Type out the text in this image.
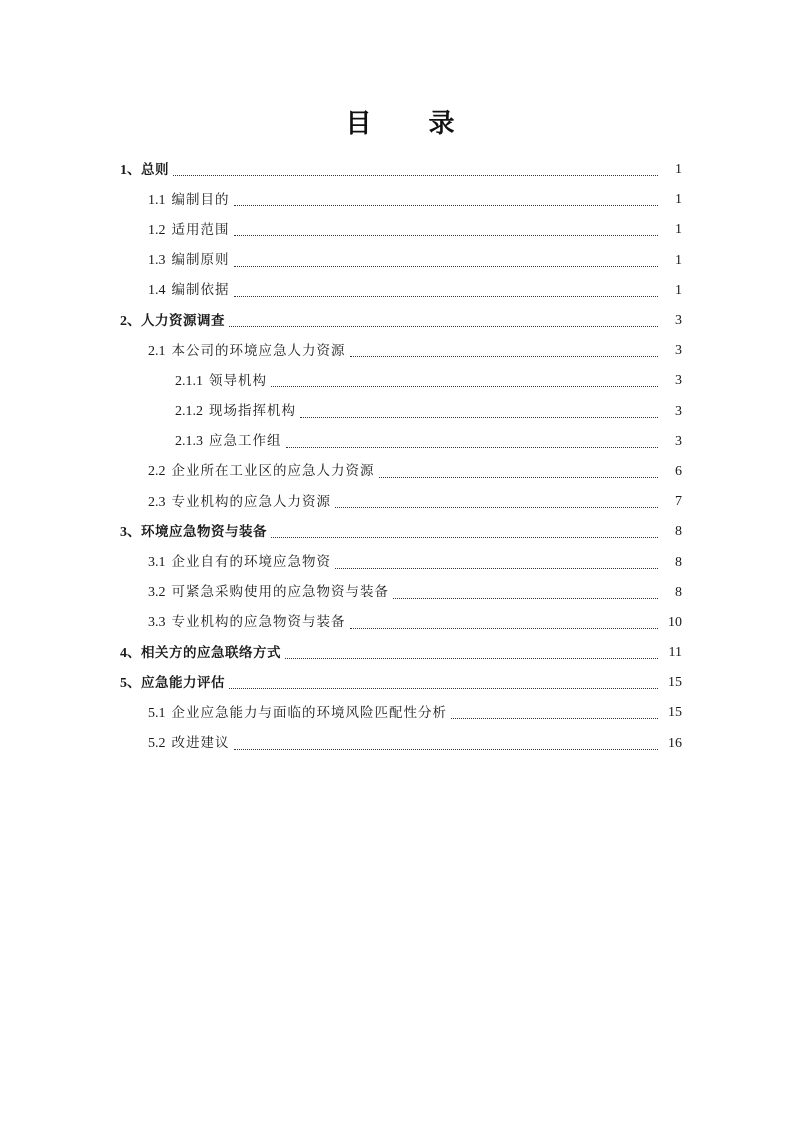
目 录
1、总则	1
1.1 编制目的	1
1.2 适用范围	1
1.3 编制原则	1
1.4 编制依据	1
2、人力资源调查	3
2.1 本公司的环境应急人力资源	3
2.1.1 领导机构	3
2.1.2 现场指挥机构	3
2.1.3 应急工作组	3
2.2 企业所在工业区的应急人力资源	6
2.3 专业机构的应急人力资源	7
3、环境应急物资与装备	8
3.1 企业自有的环境应急物资	8
3.2 可紧急采购使用的应急物资与装备	8
3.3 专业机构的应急物资与装备	10
4、相关方的应急联络方式	11
5、应急能力评估	15
5.1 企业应急能力与面临的环境风险匹配性分析	15
5.2 改进建议	16
